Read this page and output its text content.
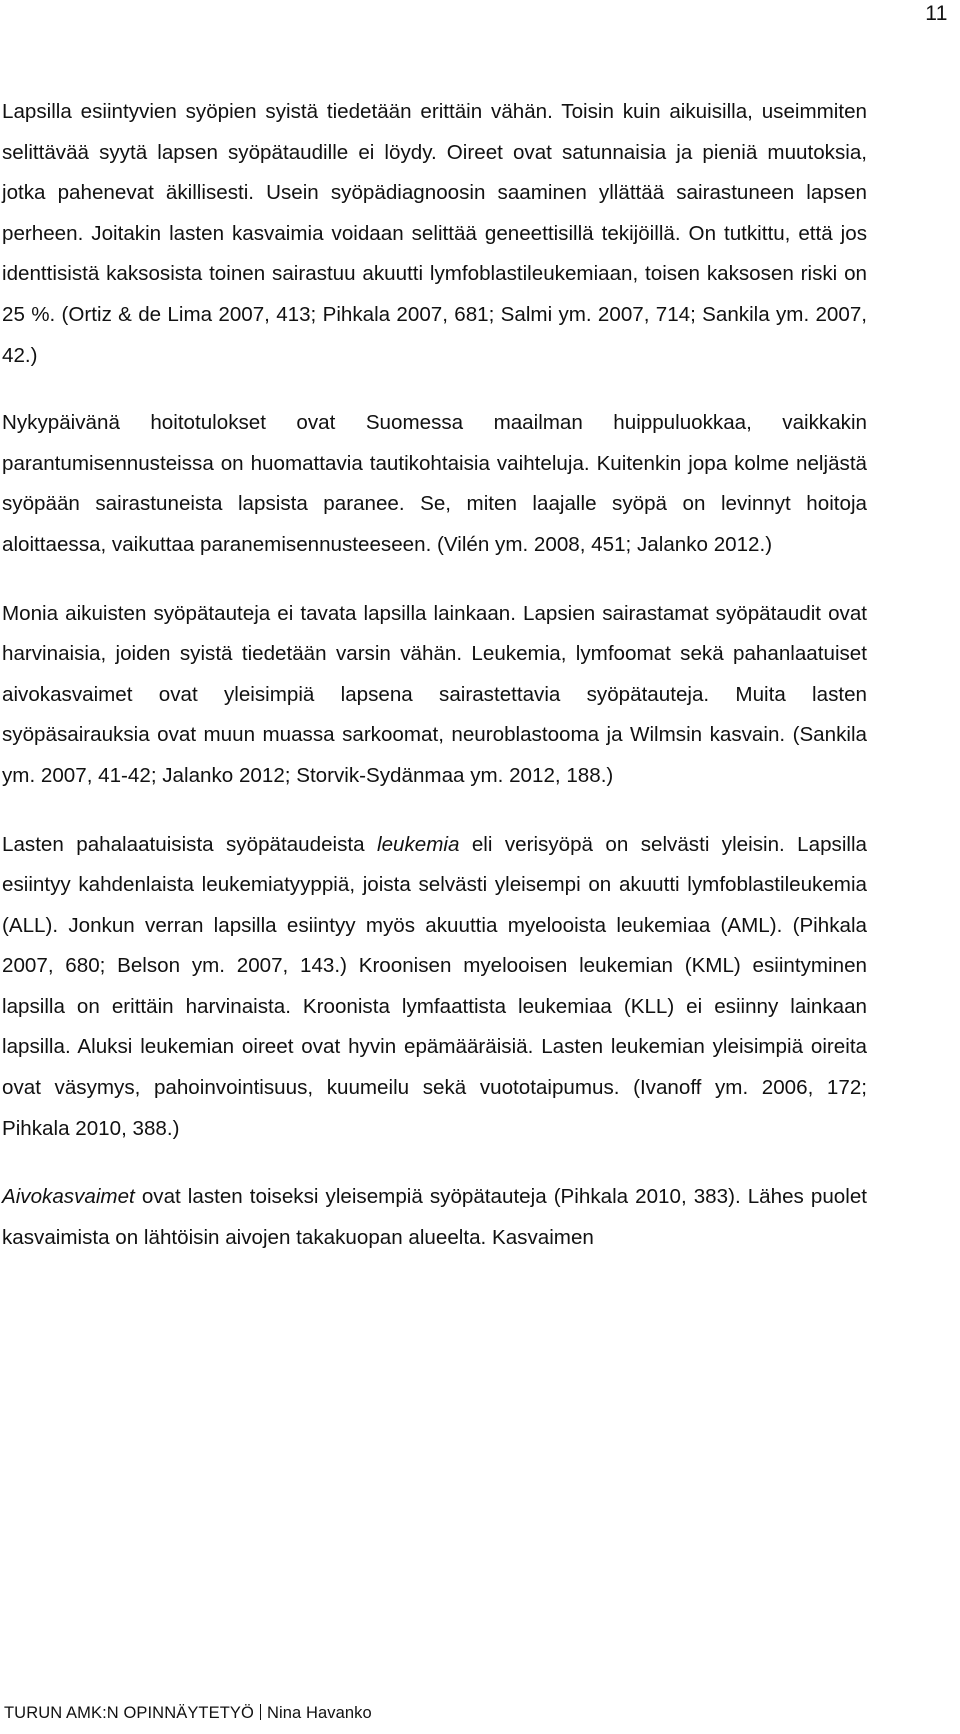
11

Lapsilla esiintyvien syöpien syistä tiedetään erittäin vähän. Toisin kuin aikuisilla, useimmiten selittävää syytä lapsen syöpätaudille ei löydy. Oireet ovat satunnaisia ja pieniä muutoksia, jotka pahenevat äkillisesti. Usein syöpädiagnoosin saaminen yllättää sairastuneen lapsen perheen. Joitakin lasten kasvaimia voidaan selittää geneettisillä tekijöillä. On tutkittu, että jos identtisistä kaksosista toinen sairastuu akuutti lymfoblastileukemiaan, toisen kaksosen riski on 25 %. (Ortiz & de Lima 2007, 413; Pihkala 2007, 681; Salmi ym. 2007, 714; Sankila ym. 2007, 42.)

Nykypäivänä hoitotulokset ovat Suomessa maailman huippuluokkaa, vaikkakin parantumisennusteissa on huomattavia tautikohtaisia vaihteluja. Kuitenkin jopa kolme neljästä syöpään sairastuneista lapsista paranee. Se, miten laajalle syöpä on levinnyt hoitoja aloittaessa, vaikuttaa paranemisennusteeseen. (Vilén ym. 2008, 451; Jalanko 2012.)

Monia aikuisten syöpätauteja ei tavata lapsilla lainkaan. Lapsien sairastamat syöpätaudit ovat harvinaisia, joiden syistä tiedetään varsin vähän. Leukemia, lymfoomat sekä pahanlaatuiset aivokasvaimet ovat yleisimpiä lapsena sairastettavia syöpätauteja. Muita lasten syöpäsairauksia ovat muun muassa sarkoomat, neuroblastooma ja Wilmsin kasvain. (Sankila ym. 2007, 41-42; Jalanko 2012; Storvik-Sydänmaa ym. 2012, 188.)

Lasten pahalaatuisista syöpätaudeista leukemia eli verisyöpä on selvästi yleisin. Lapsilla esiintyy kahdenlaista leukemiatyyppiä, joista selvästi yleisempi on akuutti lymfoblastileukemia (ALL). Jonkun verran lapsilla esiintyy myös akuuttia myelooista leukemiaa (AML). (Pihkala 2007, 680; Belson ym. 2007, 143.) Kroonisen myelooisen leukemian (KML) esiintyminen lapsilla on erittäin harvinaista. Kroonista lymfaattista leukemiaa (KLL) ei esiinny lainkaan lapsilla. Aluksi leukemian oireet ovat hyvin epämääräisiä. Lasten leukemian yleisimpiä oireita ovat väsymys, pahoinvointisuus, kuumeilu sekä vuototaipumus. (Ivanoff ym. 2006, 172; Pihkala 2010, 388.)

Aivokasvaimet ovat lasten toiseksi yleisempiä syöpätauteja (Pihkala 2010, 383). Lähes puolet kasvaimista on lähtöisin aivojen takakuopan alueelta. Kasvaimen

TURUN AMK:N OPINNÄYTETYÖ Nina Havanko
